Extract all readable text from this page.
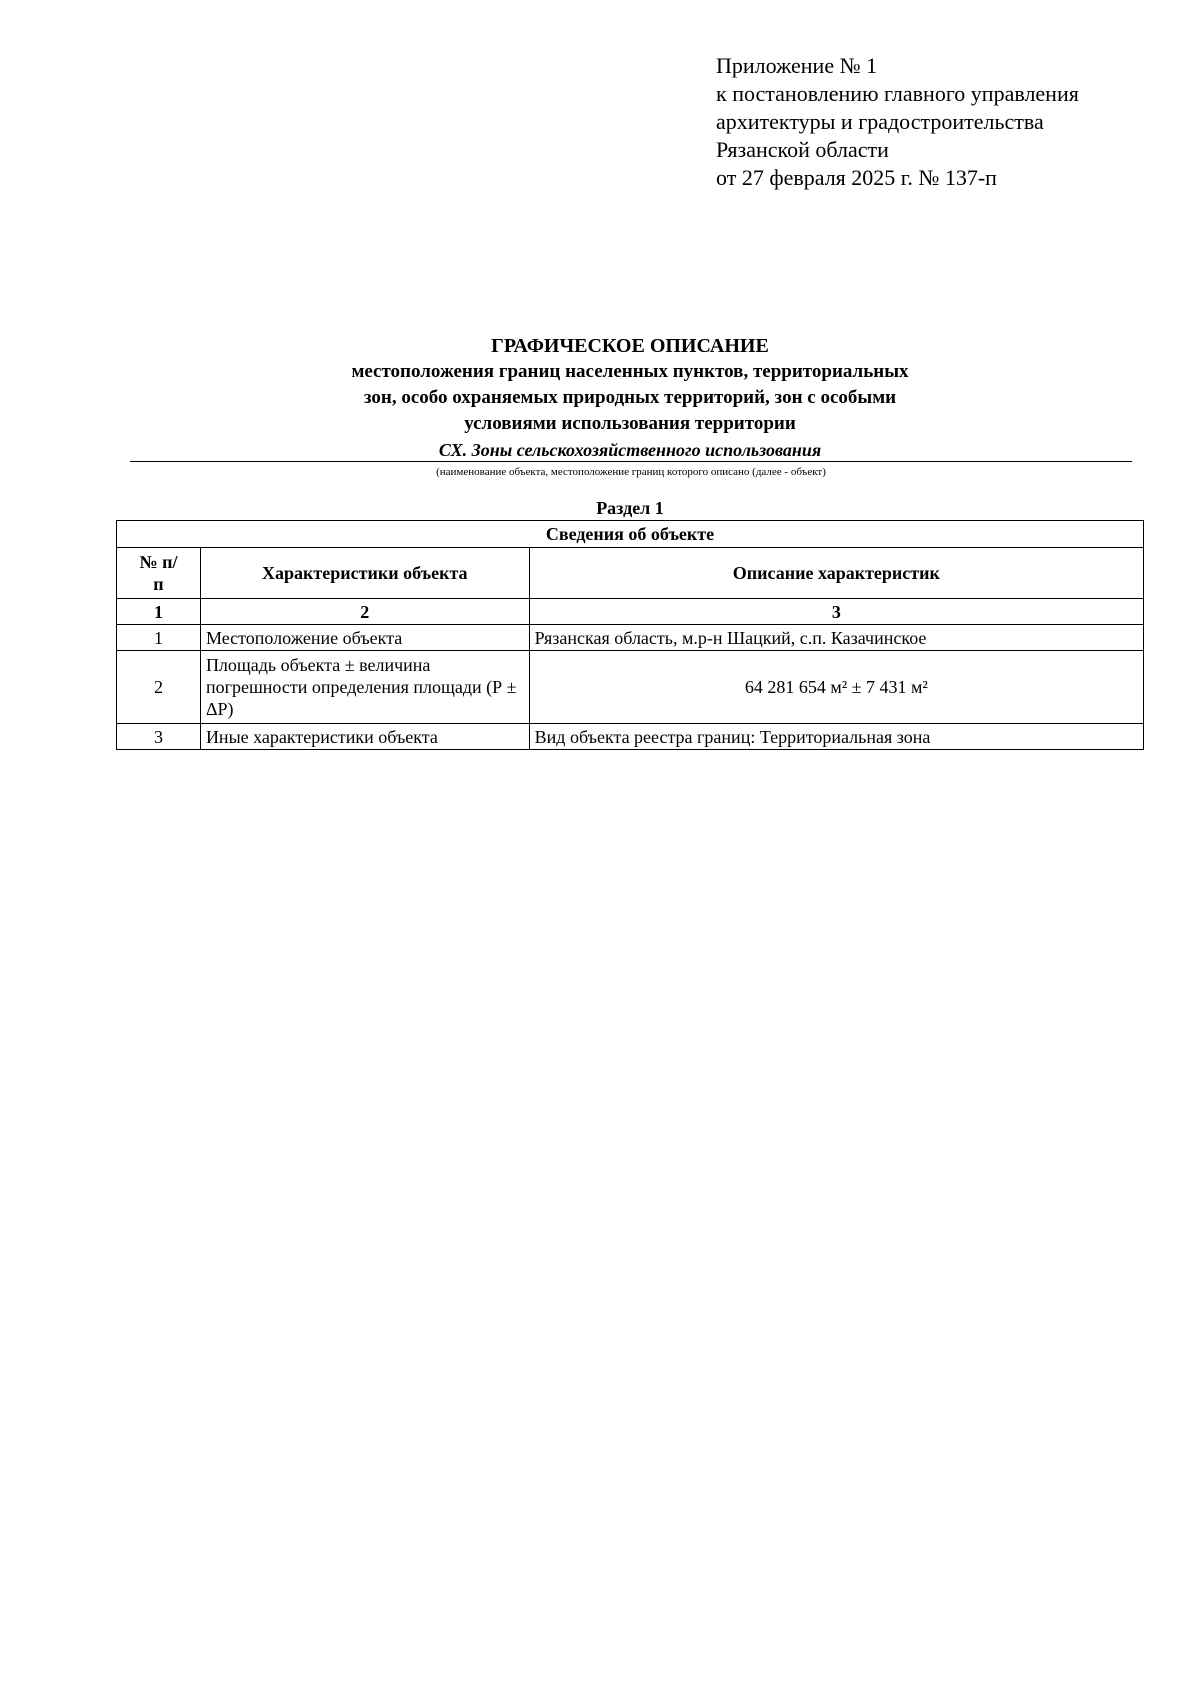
Приложение № 1
к постановлению главного управления
архитектуры и градостроительства
Рязанской области
от 27 февраля 2025 г. № 137-п
ГРАФИЧЕСКОЕ ОПИСАНИЕ
местоположения границ населенных пунктов, территориальных
зон, особо охраняемых природных территорий, зон с особыми
условиями использования территории
СХ. Зоны сельскохозяйственного использования
(наименование объекта, местоположение границ которого описано (далее - объект)
Раздел 1
Сведения об объекте		

№ п/п	Характеристики объекта	Описание характеристик
1	2	3
1	Местоположение объекта	Рязанская область, м.р-н Шацкий, с.п. Казачинское
2	Площадь объекта ± величина погрешности определения площади (Р ± ΔР)	64 281 654 м² ± 7 431 м²
3	Иные характеристики объекта	Вид объекта реестра границ: Территориальная зона
